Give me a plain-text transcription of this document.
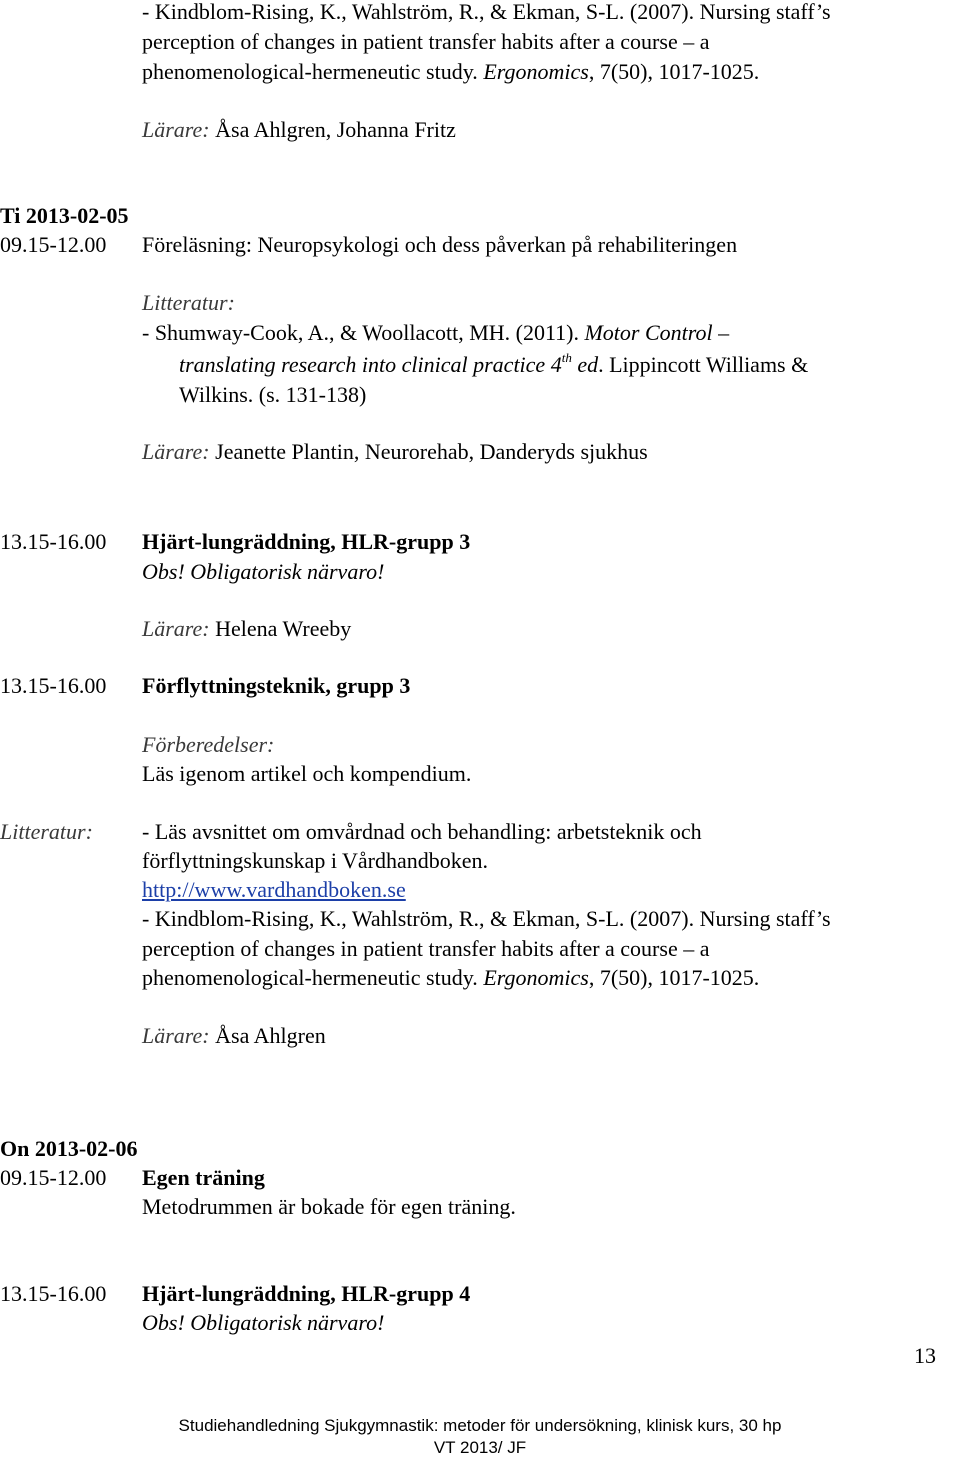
- Kindblom-Rising, K., Wahlström, R., & Ekman, S-L. (2007). Nursing staff’s
perception of changes in patient transfer habits after a course – a
phenomenological-hermeneutic study. Ergonomics, 7(50), 1017-1025.
Lärare: Åsa Ahlgren, Johanna Fritz
Ti 2013-02-05
09.15-12.00 Föreläsning: Neuropsykologi och dess påverkan på rehabiliteringen
Litteratur:
- Shumway-Cook, A., & Woollacott, MH. (2011). Motor Control –
translating research into clinical practice 4th ed. Lippincott Williams &
Wilkins. (s. 131-138)
Lärare: Jeanette Plantin, Neurorehab, Danderyds sjukhus
13.15-16.00 Hjärt-lungräddning, HLR-grupp 3
Obs! Obligatorisk närvaro!
Lärare: Helena Wreeby
13.15-16.00 Förflyttningsteknik, grupp 3
Förberedelser:
Läs igenom artikel och kompendium.
Litteratur: - Läs avsnittet om omvårdnad och behandling: arbetsteknik och
förflyttningskunskap i Vårdhandboken.
http://www.vardhandboken.se
- Kindblom-Rising, K., Wahlström, R., & Ekman, S-L. (2007). Nursing staff’s
perception of changes in patient transfer habits after a course – a
phenomenological-hermeneutic study. Ergonomics, 7(50), 1017-1025.
Lärare: Åsa Ahlgren
On 2013-02-06
09.15-12.00 Egen träning
Metodrummen är bokade för egen träning.
13.15-16.00 Hjärt-lungräddning, HLR-grupp 4
Obs! Obligatorisk närvaro!
13
Studiehandledning Sjukgymnastik: metoder för undersökning, klinisk kurs, 30 hp
VT 2013/ JF
